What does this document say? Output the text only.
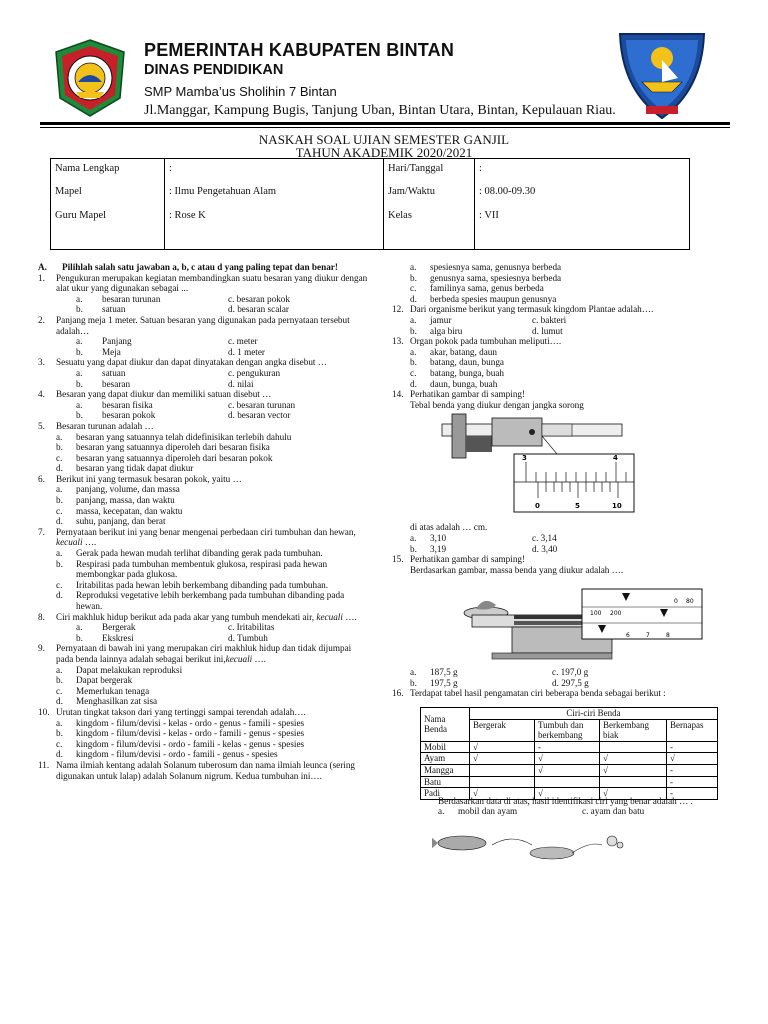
PEMERINTAH KABUPATEN BINTAN
DINAS PENDIDIKAN
SMP Mamba’us Sholihin 7 Bintan
Jl.Manggar, Kampung Bugis, Tanjung Uban, Bintan Utara, Bintan, Kepulauan Riau.
NASKAH SOAL UJIAN SEMESTER GANJIL
TAHUN AKADEMIK 2020/2021
Nama Lengkap	:
Mapel	: Ilmu Pengetahuan Alam
Guru Mapel	: Rose K
Hari/Tanggal	:
Jam/Waktu	: 08.00-09.30
Kelas	: VII
A. Pilihlah salah satu jawaban a, b, c atau d yang paling tepat dan benar!
1. Pengukuran merupakan kegiatan membandingkan suatu besaran yang diukur dengan alat ukur yang digunakan sebagai ...
a. besaran turunan	c. besaran pokok
b. satuan	d. besaran scalar
2. Panjang meja 1 meter. Satuan besaran yang digunakan pada pernyataan tersebut adalah…
a. Panjang	c. meter
b. Meja	d. 1 meter
3. Sesuatu yang dapat diukur dan dapat dinyatakan dengan angka disebut …
a. satuan	c. pengukuran
b. besaran	d. nilai
4. Besaran yang dapat diukur dan memiliki satuan disebut …
a. besaran fisika	c. besaran turunan
b. besaran pokok	d. besaran vector
5. Besaran turunan adalah …
a. besaran yang satuannya telah didefinisikan terlebih dahulu
b. besaran yang satuannya diperoleh dari besaran fisika
c. besaran yang satuannya diperoleh dari besaran pokok
d. besaran yang tidak dapat diukur
6. Berikut ini yang termasuk besaran pokok, yaitu …
a. panjang, volume, dan massa
b. panjang, massa, dan waktu
c. massa, kecepatan, dan waktu
d. suhu, panjang, dan berat
7. Pernyataan berikut ini yang benar mengenai perbedaan ciri tumbuhan dan hewan,
kecuali ….
a. Gerak pada hewan mudah terlihat dibanding gerak pada tumbuhan.
b. Respirasi pada tumbuhan membentuk glukosa, respirasi pada hewan membongkar pada glukosa.
c. Iritabilitas pada hewan lebih berkembang dibanding pada tumbuhan.
d. Reproduksi vegetative lebih berkembang pada tumbuhan dibanding pada hewan.
8. Ciri makhluk hidup berikut ada pada akar yang tumbuh mendekati air, kecuali ….
a. Bergerak	c. Iritabilitas
b. Ekskresi	d. Tumbuh
9. Pernyataan di bawah ini yang merupakan ciri makhluk hidup dan tidak dijumpai pada benda lainnya adalah sebagai berikut ini,kecuali ….
a. Dapat melakukan reproduksi
b. Dapat bergerak
c. Memerlukan tenaga
d. Menghasilkan zat sisa
10. Urutan tingkat takson dari yang tertinggi sampai terendah adalah….
a. kingdom - filum/devisi - kelas - ordo - genus - famili - spesies
b. kingdom - filum/devisi - kelas - ordo - famili - genus - spesies
c. kingdom - filum/devisi - ordo - famili - kelas - genus - spesies
d. kingdom - filum/devisi - ordo - famili - genus - spesies
11. Nama ilmiah kentang adalah Solanum tuberosum dan nama ilmiah leunca (sering digunakan untuk lalap) adalah Solanum nigrum. Kedua tumbuhan ini….
a. spesiesnya sama, genusnya berbeda
b. genusnya sama, spesiesnya berbeda
c. familinya sama, genus berbeda
d. berbeda spesies maupun genusnya
12. Dari organisme berikut yang termasuk kingdom Plantae adalah….
a. jamur	c. bakteri
b. alga biru	d. lumut
13. Organ pokok pada tumbuhan meliputi….
a. akar, batang, daun
b. batang, daun, bunga
c. batang, bunga, buah
d. daun, bunga, buah
14. Perhatikan gambar di samping!
Tebal benda yang diukur dengan jangka sorong
3	4
0	5	10
di atas adalah … cm.
a. 3,10	c. 3,14
b. 3,19	d. 3,40
15. Perhatikan gambar di samping!
Berdasarkan gambar, massa benda yang diukur adalah ….
100 200
0 80
6	7	8
a. 187,5 g	c. 197,0 g
b. 197,5 g	d. 297,5 g
16. Terdapat tabel hasil pengamatan ciri beberapa benda sebagai berikut :
Nama Benda	Ciri-ciri Benda			
	Bergerak	Tumbuh dan berkembang	Berkembang biak	Bernapas
Mobil	√	-		-
Ayam	√	√	√	√
Mangga		√	√	-
Batu				-
Padi	√	√	√	-
Berdasarkan data di atas, hasil identifikasi ciri yang benar adalah … .
a. mobil dan ayam	c. ayam dan batu
